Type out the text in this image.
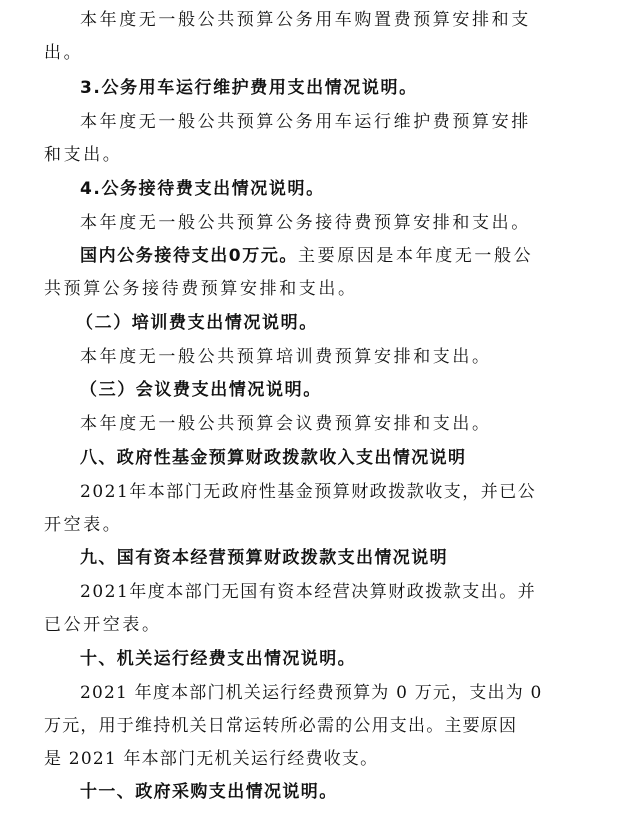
本年度无一般公共预算公务用车购置费预算安排和支
出。
3.公务用车运行维护费用支出情况说明。
本年度无一般公共预算公务用车运行维护费预算安排
和支出。
4.公务接待费支出情况说明。
本年度无一般公共预算公务接待费预算安排和支出。
国内公务接待支出0万元。主要原因是本年度无一般公
共预算公务接待费预算安排和支出。
（二）培训费支出情况说明。
本年度无一般公共预算培训费预算安排和支出。
（三）会议费支出情况说明。
本年度无一般公共预算会议费预算安排和支出。
八、政府性基金预算财政拨款收入支出情况说明
2021年本部门无政府性基金预算财政拨款收支，并已公
开空表。
九、国有资本经营预算财政拨款支出情况说明
2021年度本部门无国有资本经营决算财政拨款支出。并
已公开空表。
十、机关运行经费支出情况说明。
2021 年度本部门机关运行经费预算为 0 万元，支出为 0
万元，用于维持机关日常运转所必需的公用支出。主要原因
是 2021 年本部门无机关运行经费收支。
十一、政府采购支出情况说明。
